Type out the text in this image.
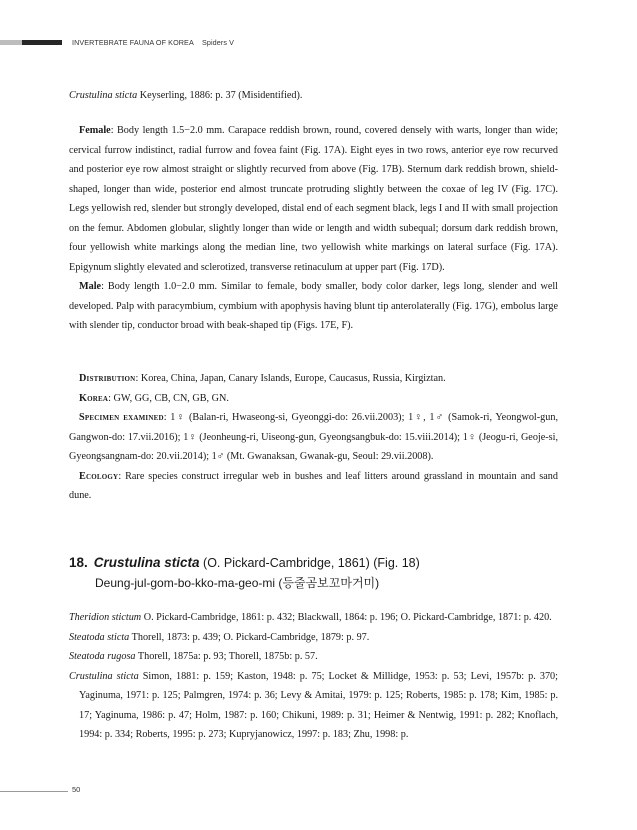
INVERTEBRATE FAUNA OF KOREA Spiders V
Crustulina sticta Keyserling, 1886: p. 37 (Misidentified).

Female: Body length 1.5−2.0 mm. Carapace reddish brown, round, covered densely with warts, longer than wide; cervical furrow indistinct, radial furrow and fovea faint (Fig. 17A). Eight eyes in two rows, anterior eye row recurved and posterior eye row almost straight or slightly recurved from above (Fig. 17B). Sternum dark reddish brown, shield-shaped, longer than wide, posterior end almost truncate protruding slightly between the coxae of leg IV (Fig. 17C). Legs yellowish red, slender but strongly developed, distal end of each segment black, legs I and II with small projection on the femur. Abdomen globular, slightly longer than wide or length and width subequal; dorsum dark reddish brown, four yellowish white markings along the median line, two yellowish white markings on lateral surface (Fig. 17A). Epigynum slightly elevated and sclerotized, transverse retinaculum at upper part (Fig. 17D).

Male: Body length 1.0−2.0 mm. Similar to female, body smaller, body color darker, legs long, slender and well developed. Palp with paracymbium, cymbium with apophysis having blunt tip anterolaterally (Fig. 17G), embolus large with slender tip, conductor broad with beak-shaped tip (Figs. 17E, F).

Distribution: Korea, China, Japan, Canary Islands, Europe, Caucasus, Russia, Kirgiztan.

Korea: GW, GG, CB, CN, GB, GN.

Specimen examined: 1♀ (Balan-ri, Hwaseong-si, Gyeonggi-do: 26.vii.2003); 1♀, 1♂ (Samok-ri, Yeongwol-gun, Gangwon-do: 17.vii.2016); 1♀ (Jeonheung-ri, Uiseong-gun, Gyeongsangbuk-do: 15.viii.2014); 1♀ (Jeogu-ri, Geoje-si, Gyeongsangnam-do: 20.vii.2014); 1♂ (Mt. Gwanaksan, Gwanak-gu, Seoul: 29.vii.2008).

Ecology: Rare species construct irregular web in bushes and leaf litters around grassland in mountain and sand dune.

18. Crustulina sticta (O. Pickard-Cambridge, 1861) (Fig. 18)
Deung-jul-gom-bo-kko-ma-geo-mi (등줄곰보꼬마거미)

Theridion stictum O. Pickard-Cambridge, 1861: p. 432; Blackwall, 1864: p. 196; O. Pickard-Cambridge, 1871: p. 420.

Steatoda sticta Thorell, 1873: p. 439; O. Pickard-Cambridge, 1879: p. 97.

Steatoda rugosa Thorell, 1875a: p. 93; Thorell, 1875b: p. 57.

Crustulina sticta Simon, 1881: p. 159; Kaston, 1948: p. 75; Locket & Millidge, 1953: p. 53; Levi, 1957b: p. 370; Yaginuma, 1971: p. 125; Palmgren, 1974: p. 36; Levy & Amitai, 1979: p. 125; Roberts, 1985: p. 178; Kim, 1985: p. 17; Yaginuma, 1986: p. 47; Holm, 1987: p. 160; Chikuni, 1989: p. 31; Heimer & Nentwig, 1991: p. 282; Knoflach, 1994: p. 334; Roberts, 1995: p. 273; Kupryjanowicz, 1997: p. 183; Zhu, 1998: p.

50
